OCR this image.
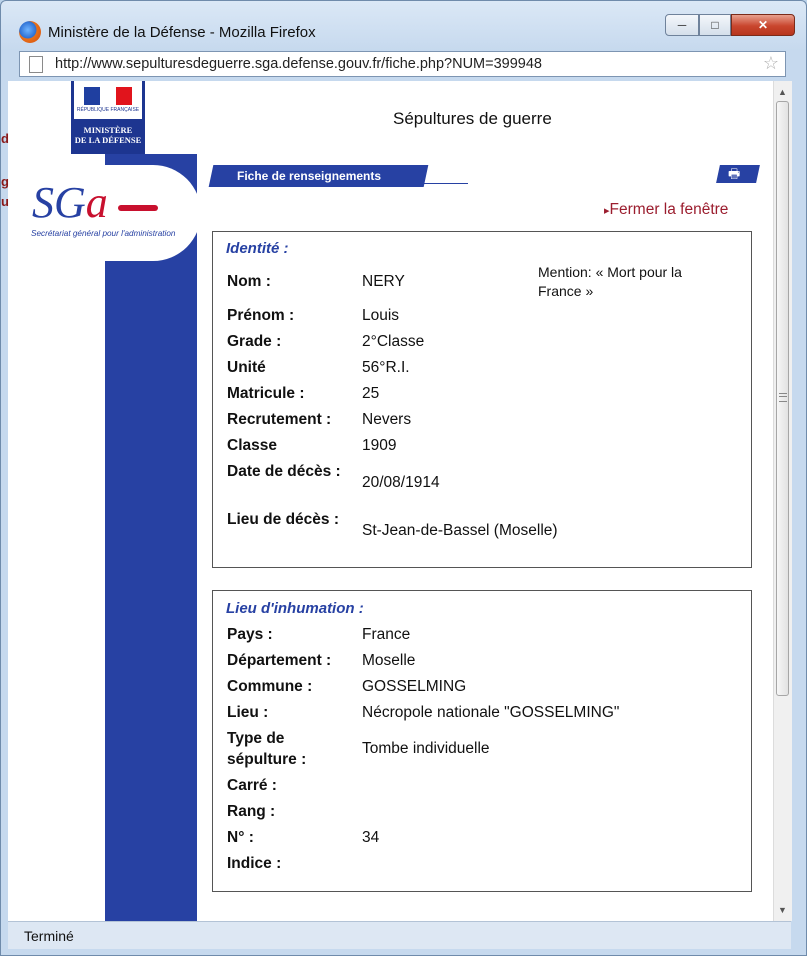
Ministère de la Défense - Mozilla Firefox	─	□	✕
http://www.sepulturesdeguerre.sga.defense.gouv.fr/fiche.php?NUM=399948	☆
d
g
u
RÉPUBLIQUE FRANÇAISE
MINISTÈRE
DE LA DÉFENSE
SGa
Secrétariat général pour l'administration
Sépultures de guerre
Fiche de renseignements	🖶
▸ Fermer la fenêtre
Identité :
Mention: « Mort pour la France »
Nom :	NERY
Prénom :	Louis
Grade :	2°Classe
Unité	56°R.I.
Matricule :	25
Recrutement : Nevers
Classe	1909
Date de décès :
20/08/1914
Lieu de décès :
St-Jean-de-Bassel (Moselle)
Lieu d'inhumation :
Pays :	France
Département : Moselle
Commune :	GOSSELMING
Lieu :	Nécropole nationale "GOSSELMING"
Type de sépulture :
Tombe individuelle
Carré :
Rang :
N° :	34
Indice :
▲
▼
Terminé
